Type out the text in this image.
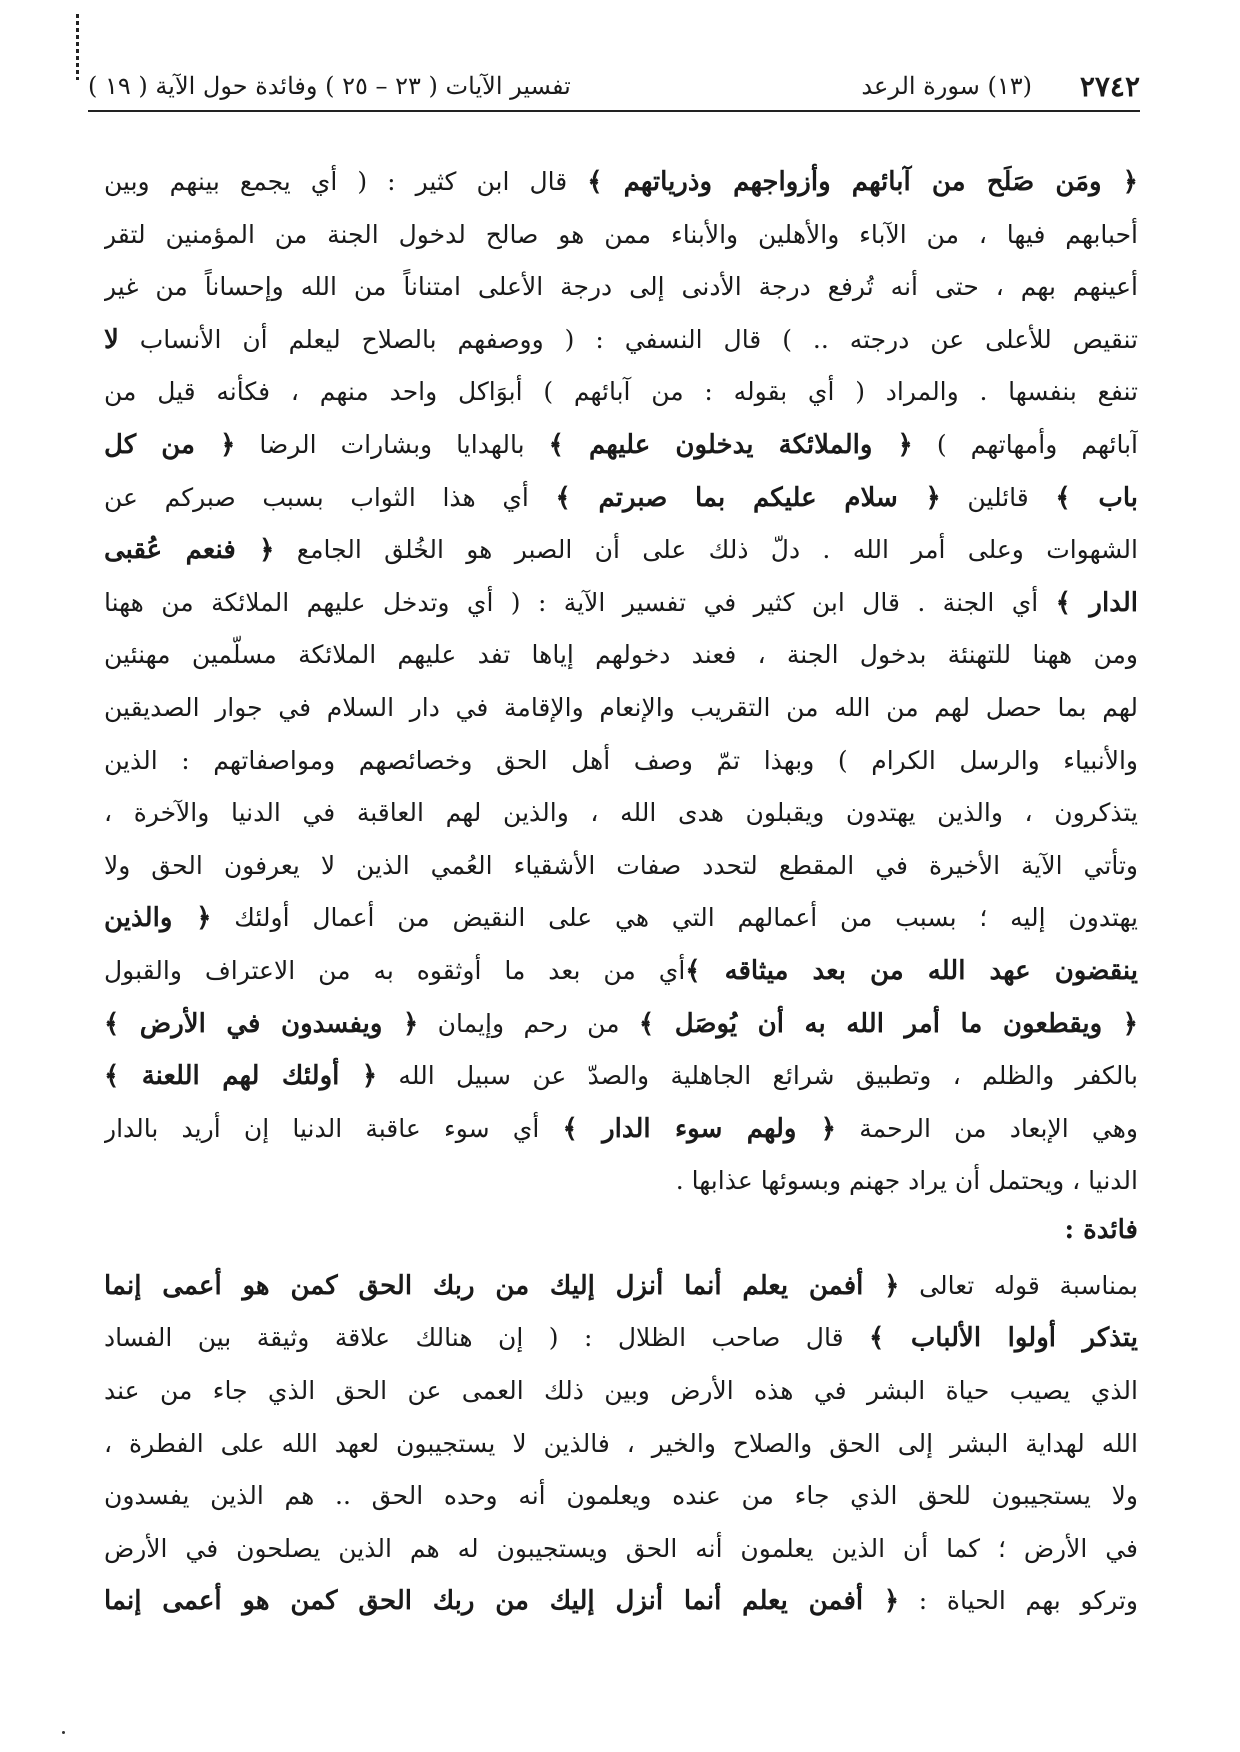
٢٧٤٢
(١٣) سورة الرعد
تفسير الآيات ( ٢٣ – ٢٥ ) وفائدة حول الآية ( ١٩ )
﴿ ومَن صَلَح من آبائهم وأزواجهم وذرياتهم ﴾ قال ابن كثير : ( أي يجمع بينهم وبين
أحبابهم فيها ، من الآباء والأهلين والأبناء ممن هو صالح لدخول الجنة من المؤمنين لتقر
أعينهم بهم ، حتى أنه تُرفع درجة الأدنى إلى درجة الأعلى امتناناً من الله وإحساناً من غير
تنقيص للأعلى عن درجته .. ) قال النسفي : ( ووصفهم بالصلاح ليعلم أن الأنساب لا
تنفع بنفسها . والمراد ( أي بقوله : من آبائهم ) أبوَاكل واحد منهم ، فكأنه قيل من
آبائهم وأمهاتهم ) ﴿ والملائكة يدخلون عليهم ﴾ بالهدايا وبشارات الرضا ﴿ من كل
باب ﴾ قائلين ﴿ سلام عليكم بما صبرتم ﴾ أي هذا الثواب بسبب صبركم عن
الشهوات وعلى أمر الله . دلّ ذلك على أن الصبر هو الخُلق الجامع ﴿ فنعم عُقبى
الدار ﴾ أي الجنة . قال ابن كثير في تفسير الآية : ( أي وتدخل عليهم الملائكة من ههنا
ومن ههنا للتهنئة بدخول الجنة ، فعند دخولهم إياها تفد عليهم الملائكة مسلّمين مهنئين
لهم بما حصل لهم من الله من التقريب والإنعام والإقامة في دار السلام في جوار الصديقين
والأنبياء والرسل الكرام ) وبهذا تمّ وصف أهل الحق وخصائصهم ومواصفاتهم : الذين
يتذكرون ، والذين يهتدون ويقبلون هدى الله ، والذين لهم العاقبة في الدنيا والآخرة ،
وتأتي الآية الأخيرة في المقطع لتحدد صفات الأشقياء العُمي الذين لا يعرفون الحق ولا
يهتدون إليه ؛ بسبب من أعمالهم التي هي على النقيض من أعمال أولئك ﴿ والذين
ينقضون عهد الله من بعد ميثاقه ﴾أي من بعد ما أوثقوه به من الاعتراف والقبول
﴿ ويقطعون ما أمر الله به أن يُوصَل ﴾ من رحم وإيمان ﴿ ويفسدون في الأرض ﴾
بالكفر والظلم ، وتطبيق شرائع الجاهلية والصدّ عن سبيل الله ﴿ أولئك لهم اللعنة ﴾
وهي الإبعاد من الرحمة ﴿ ولهم سوء الدار ﴾ أي سوء عاقبة الدنيا إن أريد بالدار
الدنيا ، ويحتمل أن يراد جهنم وبسوئها عذابها .
فائدة :
بمناسبة قوله تعالى ﴿ أفمن يعلم أنما أنزل إليك من ربك الحق كمن هو أعمى إنما
يتذكر أولوا الألباب ﴾ قال صاحب الظلال : ( إن هنالك علاقة وثيقة بين الفساد
الذي يصيب حياة البشر في هذه الأرض وبين ذلك العمى عن الحق الذي جاء من عند
الله لهداية البشر إلى الحق والصلاح والخير ، فالذين لا يستجيبون لعهد الله على الفطرة ،
ولا يستجيبون للحق الذي جاء من عنده ويعلمون أنه وحده الحق .. هم الذين يفسدون
في الأرض ؛ كما أن الذين يعلمون أنه الحق ويستجيبون له هم الذين يصلحون في الأرض
وتركو بهم الحياة : ﴿ أفمن يعلم أنما أنزل إليك من ربك الحق كمن هو أعمى إنما
